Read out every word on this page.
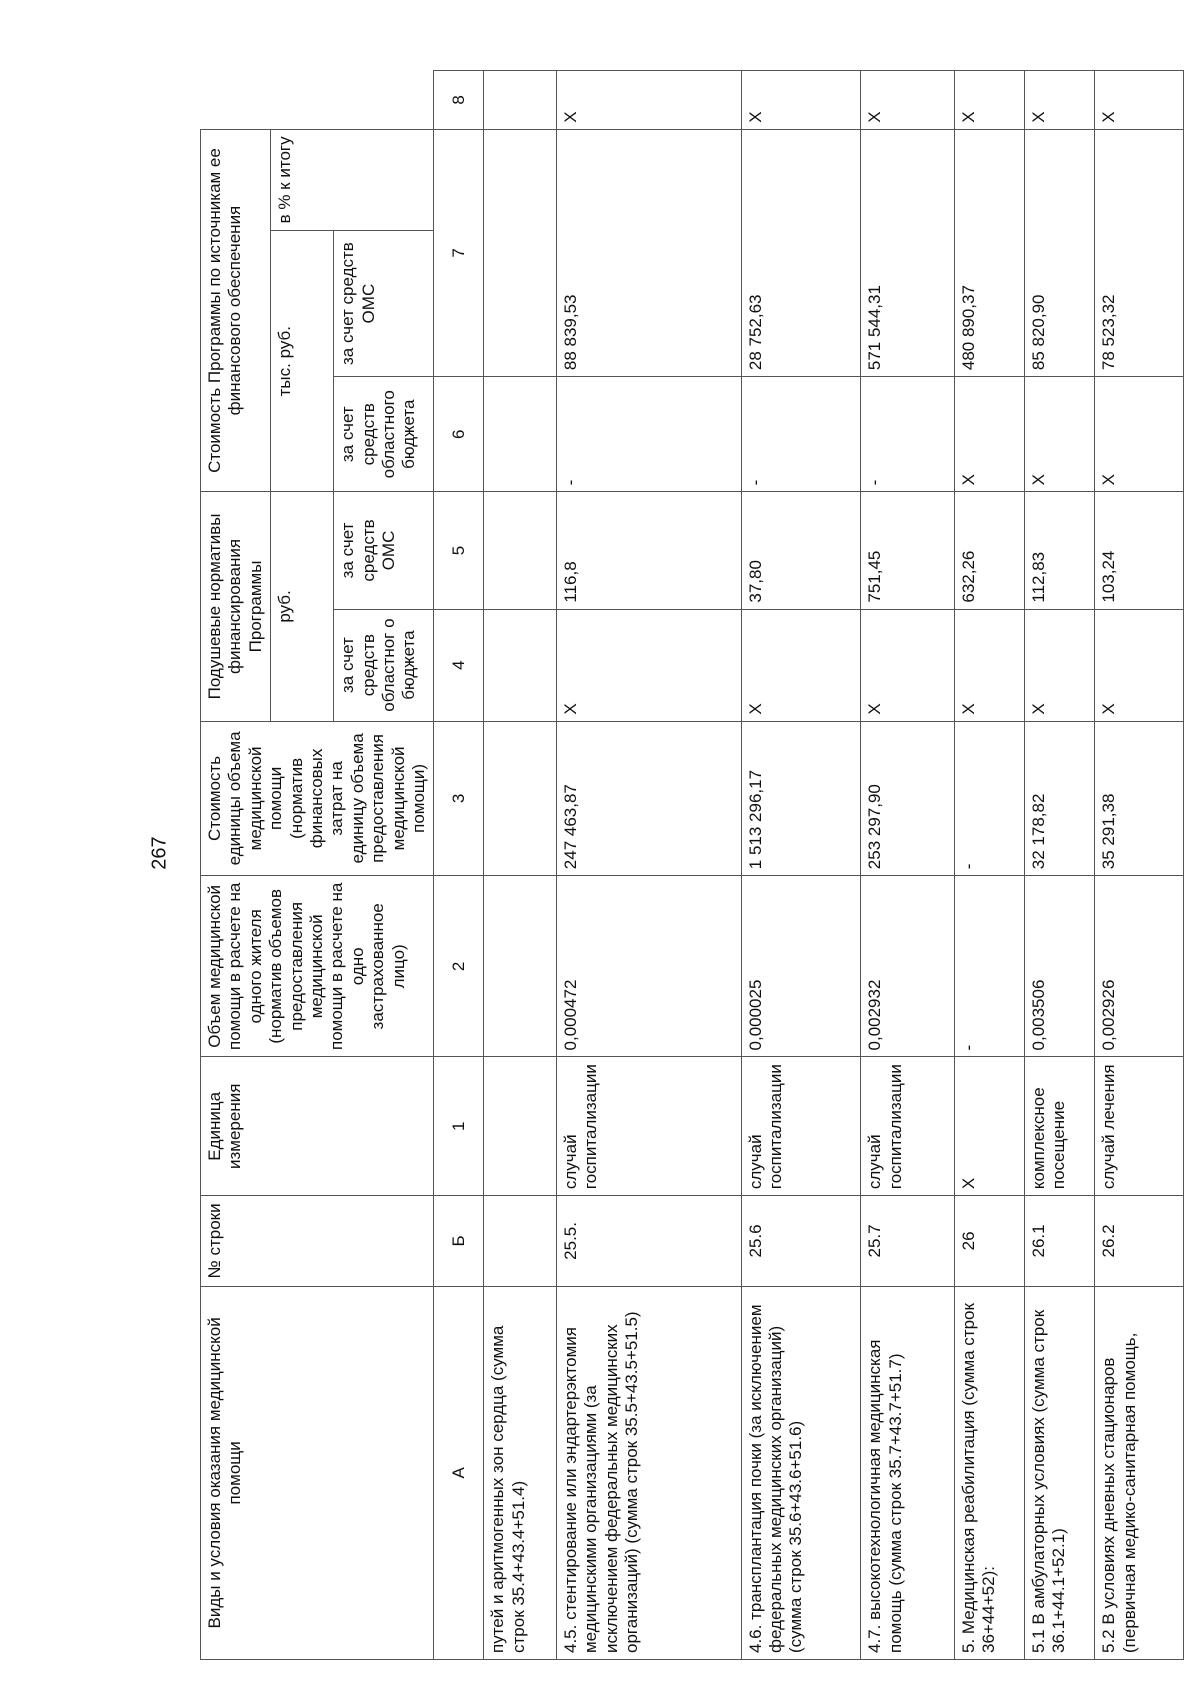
267
Виды и условия оказания медицинской помощи	№ строки	Единица измерения	Объем медицинской помощи в расчете на одного жителя (норматив объемов предоставления медицинской помощи в расчете на одно застрахованное лицо)	Стоимость единицы объема медицинской помощи (норматив финансовых затрат на единицу объема предоставления медицинской помощи)	Подушевые нормативы финансирования Программы		Стоимость Программы по источникам ее финансового обеспечения		
					руб.		тыс. руб.		в % к итогу	
					за счет средств областног о бюджета	за счет средств ОМС	за счет средств областного бюджета	за счет средств ОМС		
А	Б	1	2	3	4	5	6	7		8
путей и аритмогенных зон сердца (сумма строк 35.4+43.4+51.4)										
4.5. стентирование или эндартерэктомия медицинскими организациями (за исключением федеральных медицинских организаций) (сумма строк 35.5+43.5+51.5)	25.5.	случай госпитализации	0,000472	247 463,87	X	116,8	-	88 839,53		X
4.6. трансплантация почки (за исключением федеральных медицинских организаций) (сумма строк 35.6+43.6+51.6)	25.6	случай госпитализации	0,000025	1 513 296,17	X	37,80	-	28 752,63		X
4.7. высокотехнологичная медицинская помощь (сумма строк 35.7+43.7+51.7)	25.7	случай госпитализации	0,002932	253 297,90	X	751,45	-	571 544,31		X
5. Медицинская реабилитация (сумма строк 36+44+52):	26	X	-	-	X	632,26	X	480 890,37		X
5.1 В амбулаторных условиях (сумма строк 36.1+44.1+52.1)	26.1	комплексное посещение	0,003506	32 178,82	X	112,83	X	85 820,90		X
5.2 В условиях дневных стационаров (первичная медико-санитарная помощь,	26.2	случай лечения	0,002926	35 291,38	X	103,24	X	78 523,32		X
